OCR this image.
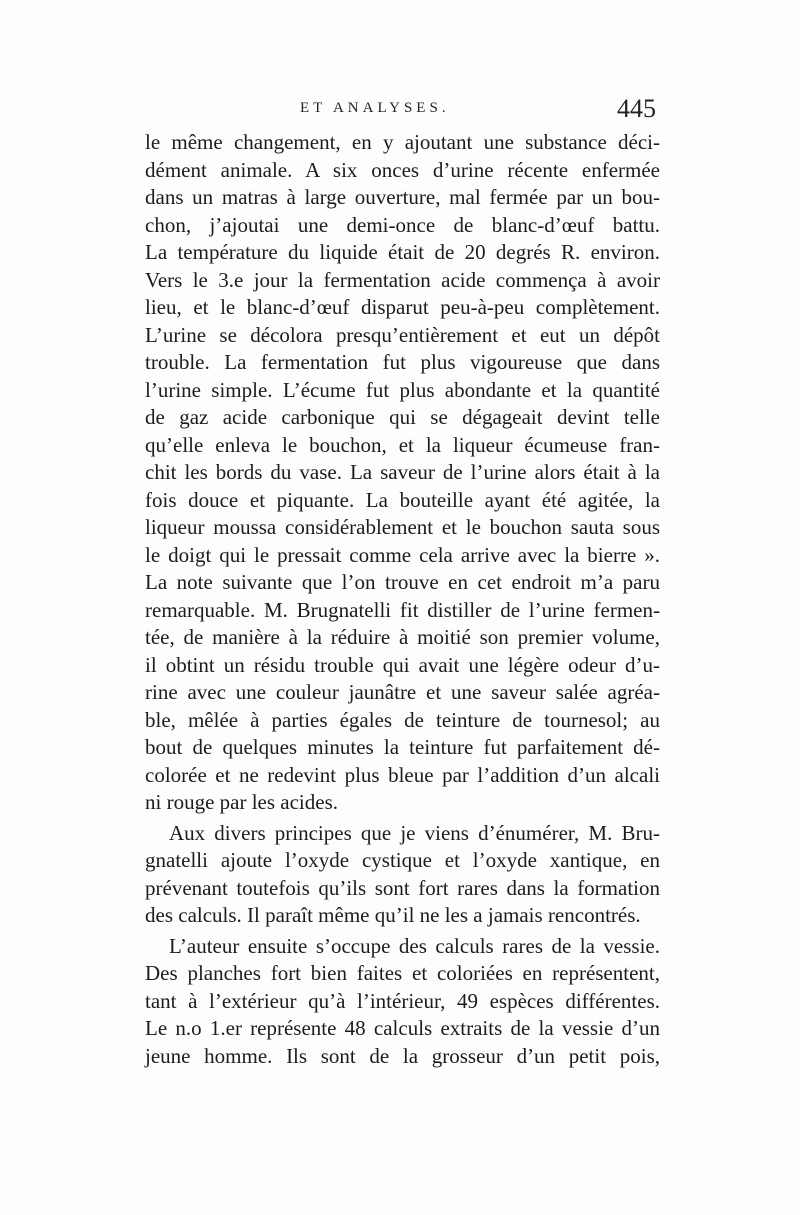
ET ANALYSES.	445
le même changement, en y ajoutant une substance déci-
dément animale. A six onces d’urine récente enfermée
dans un matras à large ouverture, mal fermée par un bou-
chon, j’ajoutai une demi-once de blanc-d’œuf battu.
La température du liquide était de 20 degrés R. environ.
Vers le 3.e jour la fermentation acide commença à avoir
lieu, et le blanc-d’œuf disparut peu-à-peu complètement.
L’urine se décolora presqu’entièrement et eut un dépôt
trouble. La fermentation fut plus vigoureuse que dans
l’urine simple. L’écume fut plus abondante et la quantité
de gaz acide carbonique qui se dégageait devint telle
qu’elle enleva le bouchon, et la liqueur écumeuse fran-
chit les bords du vase. La saveur de l’urine alors était à la
fois douce et piquante. La bouteille ayant été agitée, la
liqueur moussa considérablement et le bouchon sauta sous
le doigt qui le pressait comme cela arrive avec la bierre ».
La note suivante que l’on trouve en cet endroit m’a paru
remarquable. M. Brugnatelli fit distiller de l’urine fermen-
tée, de manière à la réduire à moitié son premier volume,
il obtint un résidu trouble qui avait une légère odeur d’u-
rine avec une couleur jaunâtre et une saveur salée agréa-
ble, mêlée à parties égales de teinture de tournesol; au
bout de quelques minutes la teinture fut parfaitement dé-
colorée et ne redevint plus bleue par l’addition d’un alcali
ni rouge par les acides.
Aux divers principes que je viens d’énumérer, M. Bru-
gnatelli ajoute l’oxyde cystique et l’oxyde xantique, en
prévenant toutefois qu’ils sont fort rares dans la formation
des calculs. Il paraît même qu’il ne les a jamais rencontrés.
L’auteur ensuite s’occupe des calculs rares de la vessie.
Des planches fort bien faites et coloriées en représentent,
tant à l’extérieur qu’à l’intérieur, 49 espèces différentes.
Le n.o 1.er représente 48 calculs extraits de la vessie d’un
jeune homme. Ils sont de la grosseur d’un petit pois,
